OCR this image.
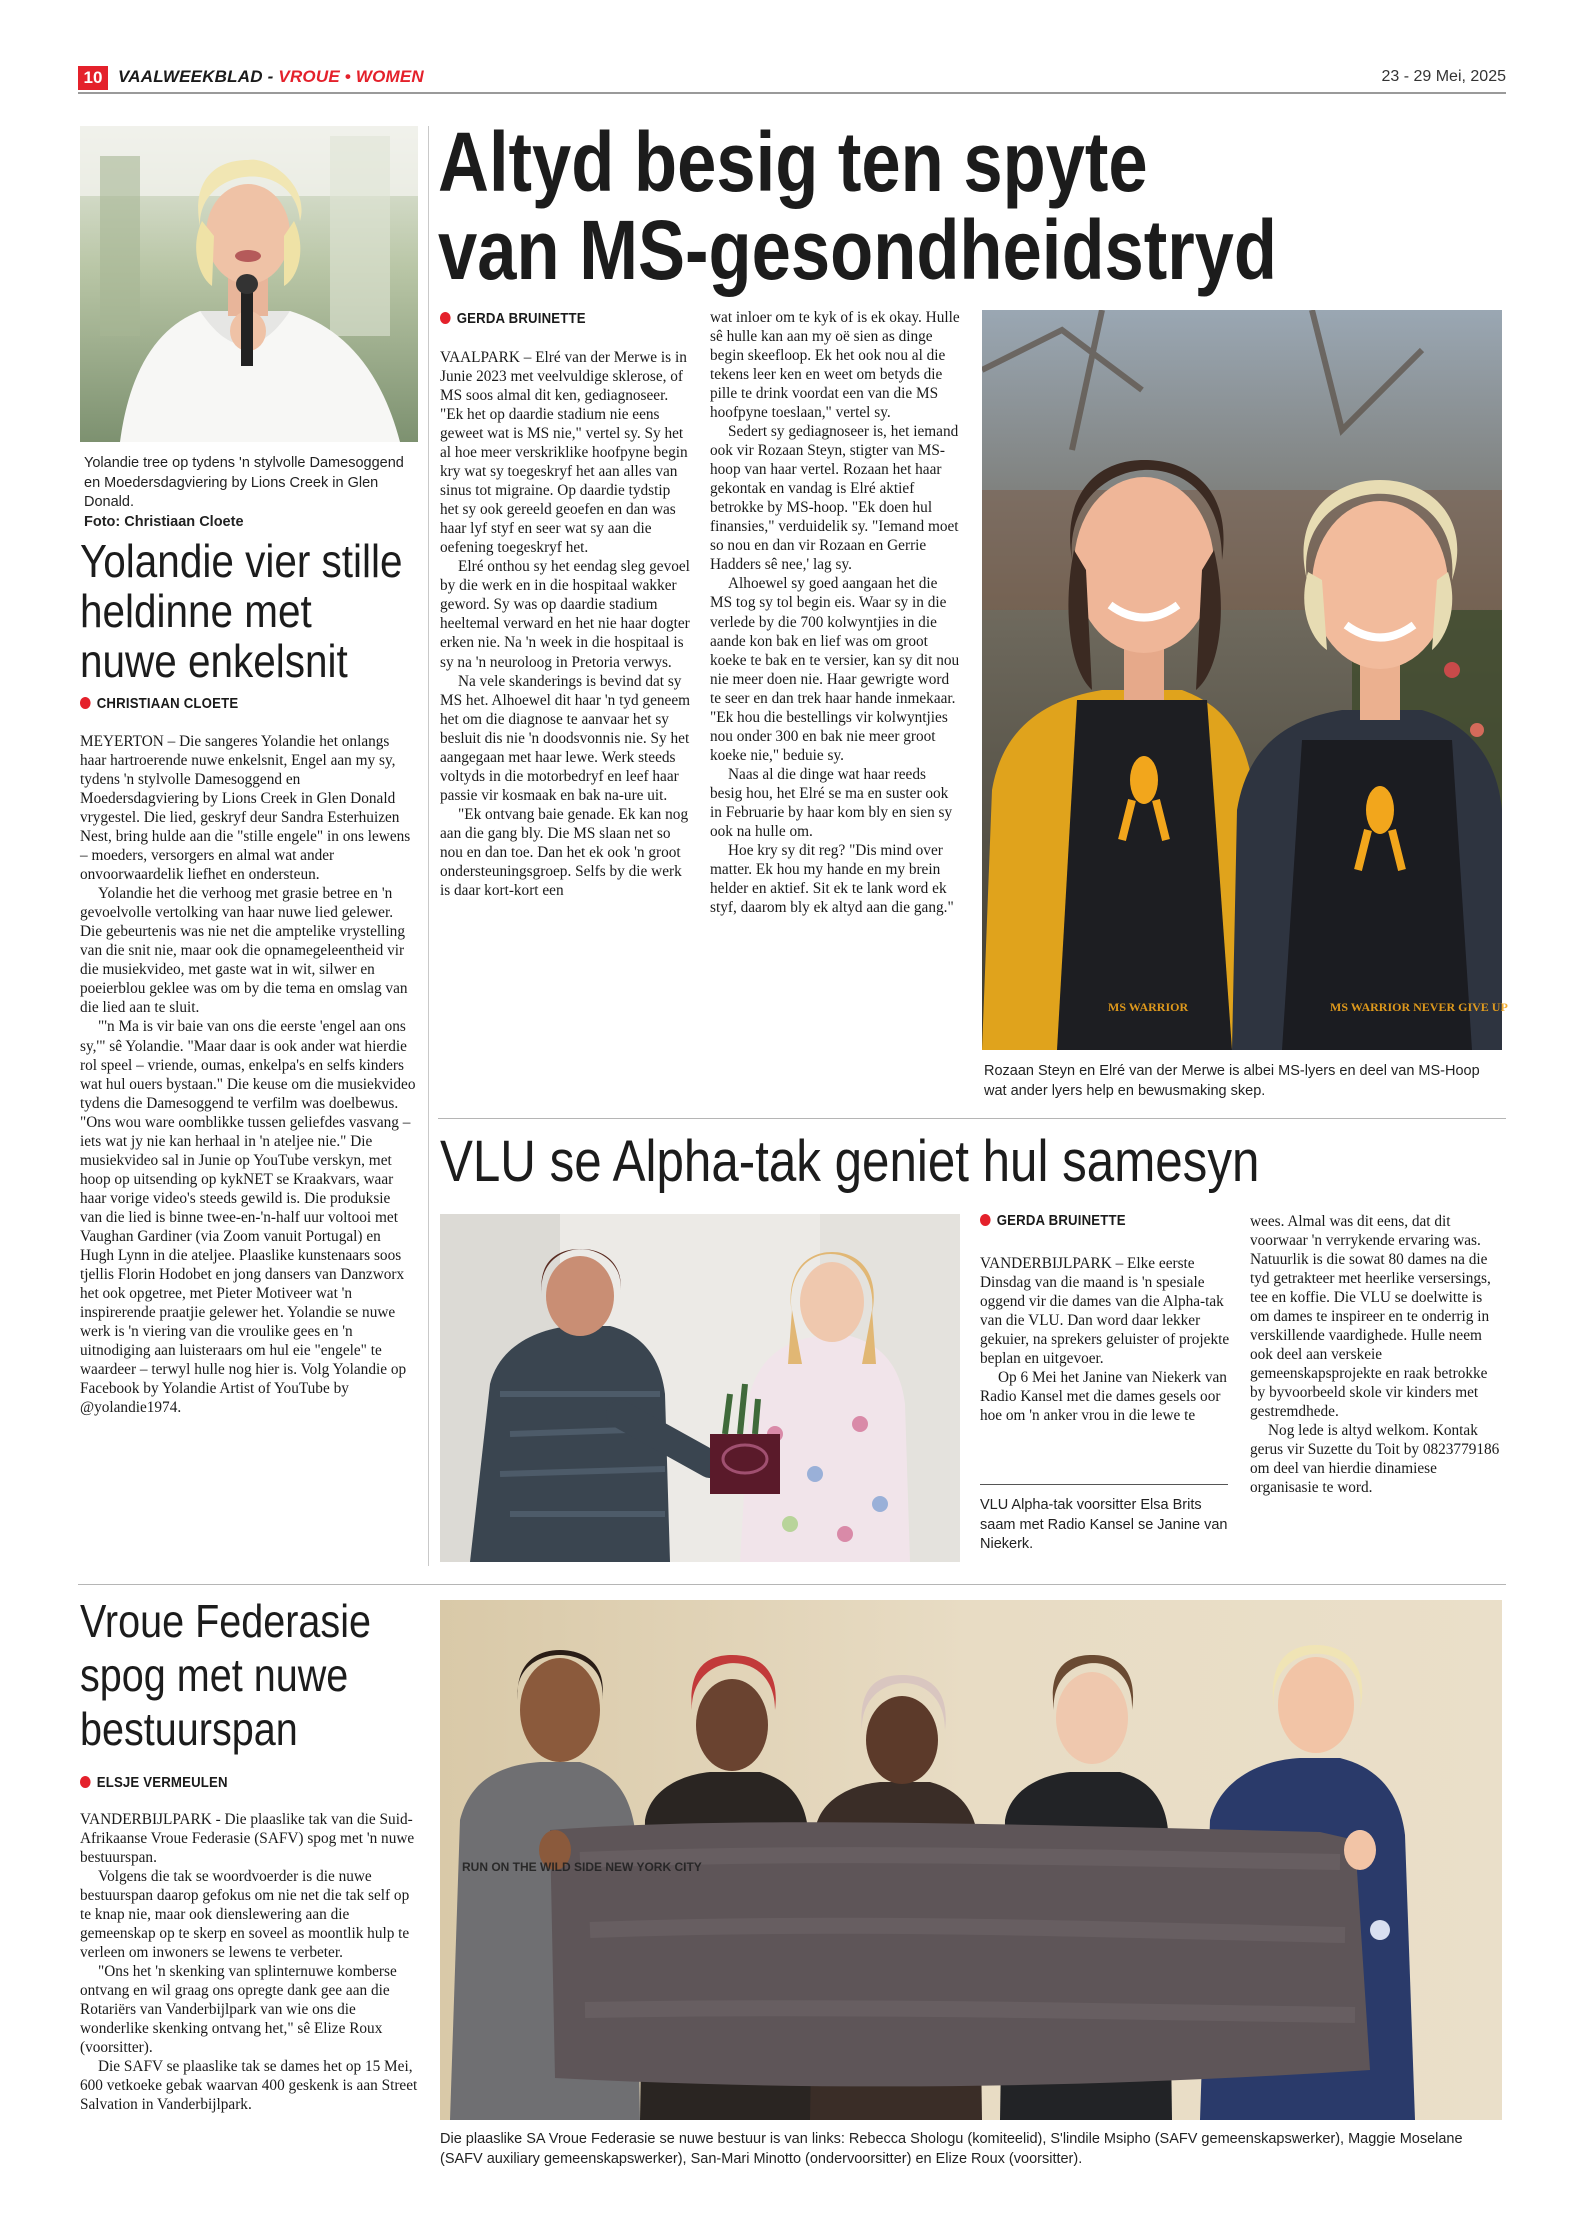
10 VAALWEEKBLAD - VROUE • WOMEN	23 - 29 Mei, 2025
Yolandie tree op tydens 'n stylvolle Damesoggend en Moedersdagviering by Lions Creek in Glen Donald.
Foto: Christiaan Cloete
Yolandie vier stille heldinne met nuwe enkelsnit
CHRISTIAAN CLOETE

MEYERTON – Die sangeres Yolandie het onlangs haar hartroerende nuwe enkelsnit, Engel aan my sy, tydens 'n stylvolle Damesoggend en Moedersdagviering by Lions Creek in Glen Donald vrygestel. Die lied, geskryf deur Sandra Esterhuizen Nest, bring hulde aan die "stille engele" in ons lewens – moeders, versorgers en almal wat ander onvoorwaardelik liefhet en ondersteun.

Yolandie het die verhoog met grasie betree en 'n gevoelvolle vertolking van haar nuwe lied gelewer. Die gebeurtenis was nie net die amptelike vrystelling van die snit nie, maar ook die opnamegeleentheid vir die musiekvideo, met gaste wat in wit, silwer en poeierblou geklee was om by die tema en omslag van die lied aan te sluit.

"'n Ma is vir baie van ons die eerste 'engel aan ons sy,'" sê Yolandie. "Maar daar is ook ander wat hierdie rol speel – vriende, oumas, enkelpa's en selfs kinders wat hul ouers bystaan." Die keuse om die musiekvideo tydens die Damesoggend te verfilm was doelbewus. "Ons wou ware oomblikke tussen geliefdes vasvang – iets wat jy nie kan herhaal in 'n ateljee nie." Die musiekvideo sal in Junie op YouTube verskyn, met hoop op uitsending op kykNET se Kraakvars, waar haar vorige video's steeds gewild is. Die produksie van die lied is binne twee-en-'n-half uur voltooi met Vaughan Gardiner (via Zoom vanuit Portugal) en Hugh Lynn in die ateljee. Plaaslike kunstenaars soos tjellis Florin Hodobet en jong dansers van Danzworx het ook opgetree, met Pieter Motiveer wat 'n inspirerende praatjie gelewer het. Yolandie se nuwe werk is 'n viering van die vroulike gees en 'n uitnodiging aan luisteraars om hul eie "engele" te waardeer – terwyl hulle nog hier is. Volg Yolandie op Facebook by Yolandie Artist of YouTube by @yolandie1974.

Altyd besig ten spyte van MS-gesondheidstryd
GERDA BRUINETTE

VAALPARK – Elré van der Merwe is in Junie 2023 met veelvuldige sklerose, of MS soos almal dit ken, gediagnoseer. "Ek het op daardie stadium nie eens geweet wat is MS nie," vertel sy. Sy het al hoe meer verskriklike hoofpyne begin kry wat sy toegeskryf het aan alles van sinus tot migraine. Op daardie tydstip het sy ook gereeld geoefen en dan was haar lyf styf en seer wat sy aan die oefening toegeskryf het.

Elré onthou sy het eendag sleg gevoel by die werk en in die hospitaal wakker geword. Sy was op daardie stadium heeltemal verward en het nie haar dogter erken nie. Na 'n week in die hospitaal is sy na 'n neuroloog in Pretoria verwys.

Na vele skanderings is bevind dat sy MS het. Alhoewel dit haar 'n tyd geneem het om die diagnose te aanvaar het sy besluit dis nie 'n doodsvonnis nie. Sy het aangegaan met haar lewe. Werk steeds voltyds in die motorbedryf en leef haar passie vir kosmaak en bak na-ure uit.

"Ek ontvang baie genade. Ek kan nog aan die gang bly. Die MS slaan net so nou en dan toe. Dan het ek ook 'n groot ondersteuningsgroep. Selfs by die werk is daar kort-kort een

wat inloer om te kyk of is ek okay. Hulle sê hulle kan aan my oë sien as dinge begin skeefloop. Ek het ook nou al die tekens leer ken en weet om betyds die pille te drink voordat een van die MS hoofpyne toeslaan," vertel sy.

Sedert sy gediagnoseer is, het iemand ook vir Rozaan Steyn, stigter van MS-hoop van haar vertel. Rozaan het haar gekontak en vandag is Elré aktief betrokke by MS-hoop. "Ek doen hul finansies," verduidelik sy. "Iemand moet so nou en dan vir Rozaan en Gerrie Hadders sê nee,' lag sy.

Alhoewel sy goed aangaan het die MS tog sy tol begin eis. Waar sy in die verlede by die 700 kolwyntjies in die aande kon bak en lief was om groot koeke te bak en te versier, kan sy dit nou nie meer doen nie. Haar gewrigte word te seer en dan trek haar hande inmekaar. "Ek hou die bestellings vir kolwyntjies nou onder 300 en bak nie meer groot koeke nie," beduie sy.

Naas al die dinge wat haar reeds besig hou, het Elré se ma en suster ook in Februarie by haar kom bly en sien sy ook na hulle om.

Hoe kry sy dit reg? "Dis mind over matter. Ek hou my hande en my brein helder en aktief. Sit ek te lank word ek styf, daarom bly ek altyd aan die gang."

MS WARRIOR	MS WARRIOR NEVER GIVE UP
Rozaan Steyn en Elré van der Merwe is albei MS-lyers en deel van MS-Hoop wat ander lyers help en bewusmaking skep.
VLU se Alpha-tak geniet hul samesyn
GERDA BRUINETTE

VANDERBIJLPARK – Elke eerste Dinsdag van die maand is 'n spesiale oggend vir die dames van die Alpha-tak van die VLU. Dan word daar lekker gekuier, na sprekers geluister of projekte beplan en uitgevoer.

Op 6 Mei het Janine van Niekerk van Radio Kansel met die dames gesels oor hoe om 'n anker vrou in die lewe te

VLU Alpha-tak voorsitter Elsa Brits saam met Radio Kansel se Janine van Niekerk.

wees. Almal was dit eens, dat dit voorwaar 'n verrykende ervaring was. Natuurlik is die sowat 80 dames na die tyd getrakteer met heerlike versersings, tee en koffie. Die VLU se doelwitte is om dames te inspireer en te onderrig in verskillende vaardighede. Hulle neem ook deel aan verskeie gemeenskapsprojekte en raak betrokke by byvoorbeeld skole vir kinders met gestremdhede.

Nog lede is altyd welkom. Kontak gerus vir Suzette du Toit by 0823779186 om deel van hierdie dinamiese organisasie te word.

Vroue Federasie spog met nuwe bestuurspan
ELSJE VERMEULEN

VANDERBIJLPARK - Die plaaslike tak van die Suid-Afrikaanse Vroue Federasie (SAFV) spog met 'n nuwe bestuurspan.

Volgens die tak se woordvoerder is die nuwe bestuurspan daarop gefokus om nie net die tak self op te knap nie, maar ook dienslewering aan die gemeenskap op te skerp en soveel as moontlik hulp te verleen om inwoners se lewens te verbeter.

"Ons het 'n skenking van splinternuwe komberse ontvang en wil graag ons opregte dank gee aan die Rotariërs van Vanderbijlpark van wie ons die wonderlike skenking ontvang het," sê Elize Roux (voorsitter).

Die SAFV se plaaslike tak se dames het op 15 Mei, 600 vetkoeke gebak waarvan 400 geskenk is aan Street Salvation in Vanderbijlpark.

RUN ON THE WILD SIDE NEW YORK CITY
Die plaaslike SA Vroue Federasie se nuwe bestuur is van links: Rebecca Shologu (komiteelid), S'lindile Msipho (SAFV gemeenskapswerker), Maggie Moselane (SAFV auxiliary gemeenskapswerker), San-Mari Minotto (ondervoorsitter) en Elize Roux (voorsitter).
